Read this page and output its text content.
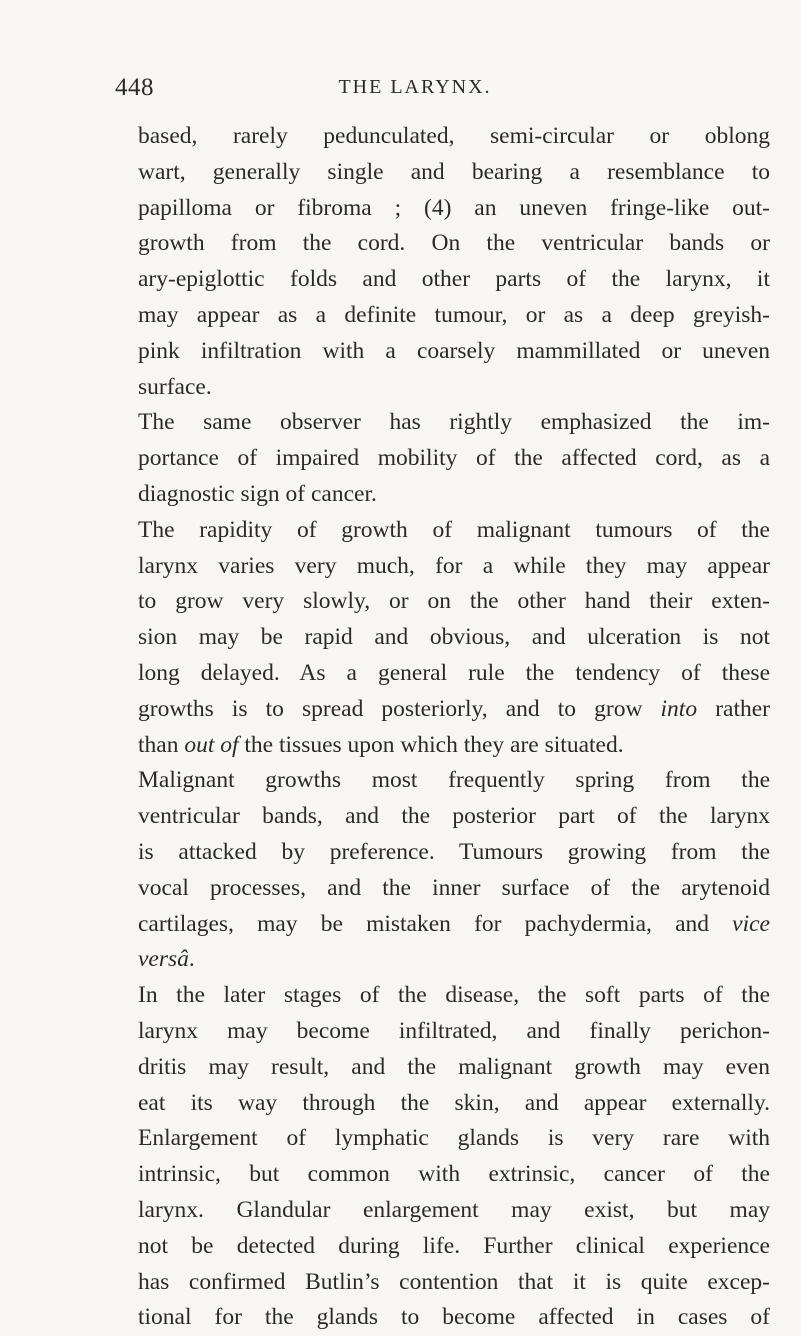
448	THE LARYNX.
based, rarely pedunculated, semi-circular or oblong
wart, generally single and bearing a resemblance to
papilloma or fibroma ; (4) an uneven fringe-like out-
growth from the cord. On the ventricular bands or
ary-epiglottic folds and other parts of the larynx, it
may appear as a definite tumour, or as a deep greyish-
pink infiltration with a coarsely mammillated or uneven
surface.
The same observer has rightly emphasized the im-
portance of impaired mobility of the affected cord, as a
diagnostic sign of cancer.
The rapidity of growth of malignant tumours of the
larynx varies very much, for a while they may appear
to grow very slowly, or on the other hand their exten-
sion may be rapid and obvious, and ulceration is not
long delayed. As a general rule the tendency of these
growths is to spread posteriorly, and to grow into rather
than out of the tissues upon which they are situated.
Malignant growths most frequently spring from the
ventricular bands, and the posterior part of the larynx
is attacked by preference. Tumours growing from the
vocal processes, and the inner surface of the arytenoid
cartilages, may be mistaken for pachydermia, and vice
versâ.
In the later stages of the disease, the soft parts of the
larynx may become infiltrated, and finally perichon-
dritis may result, and the malignant growth may even
eat its way through the skin, and appear externally.
Enlargement of lymphatic glands is very rare with
intrinsic, but common with extrinsic, cancer of the
larynx. Glandular enlargement may exist, but may
not be detected during life. Further clinical experience
has confirmed Butlin’s contention that it is quite excep-
tional for the glands to become affected in cases of
